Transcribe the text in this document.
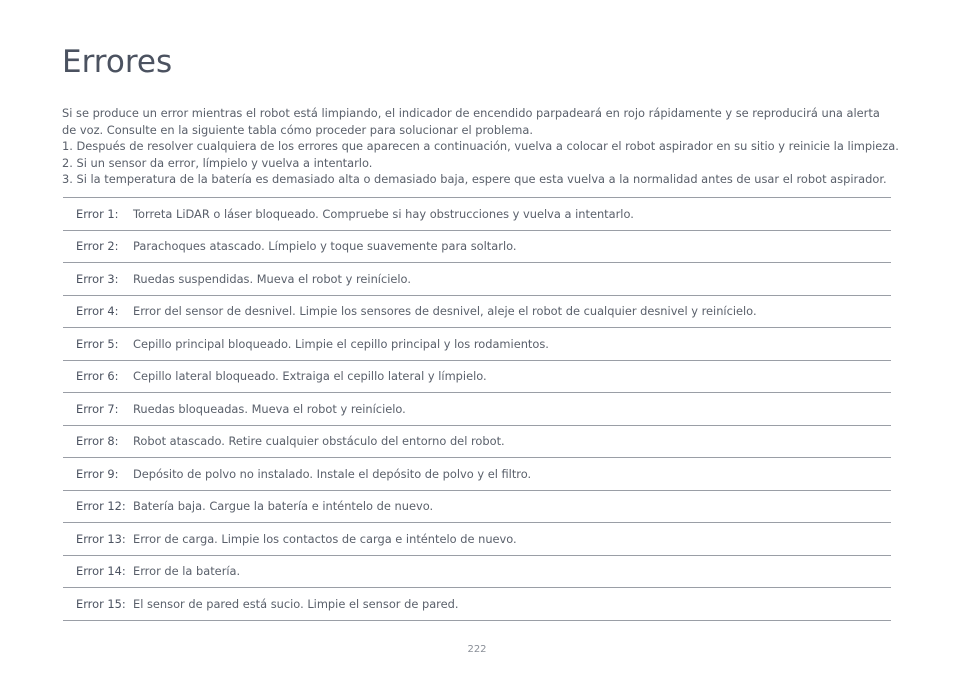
Errores

Si se produce un error mientras el robot está limpiando, el indicador de encendido parpadeará en rojo rápidamente y se reproducirá una alerta

de voz. Consulte en la siguiente tabla cómo proceder para solucionar el problema.

1. Después de resolver cualquiera de los errores que aparecen a continuación, vuelva a colocar el robot aspirador en su sitio y reinicie la limpieza.

2. Si un sensor da error, límpielo y vuelva a intentarlo.

3. Si la temperatura de la batería es demasiado alta o demasiado baja, espere que esta vuelva a la normalidad antes de usar el robot aspirador.

Error 1:	Torreta LiDAR o láser bloqueado. Compruebe si hay obstrucciones y vuelva a intentarlo.
Error 2:	Parachoques atascado. Límpielo y toque suavemente para soltarlo.
Error 3:	Ruedas suspendidas. Mueva el robot y reinícielo.
Error 4:	Error del sensor de desnivel. Limpie los sensores de desnivel, aleje el robot de cualquier desnivel y reinícielo.
Error 5:	Cepillo principal bloqueado. Limpie el cepillo principal y los rodamientos.
Error 6:	Cepillo lateral bloqueado. Extraiga el cepillo lateral y límpielo.
Error 7:	Ruedas bloqueadas. Mueva el robot y reinícielo.
Error 8:	Robot atascado. Retire cualquier obstáculo del entorno del robot.
Error 9:	Depósito de polvo no instalado. Instale el depósito de polvo y el filtro.
Error 12: Batería baja. Cargue la batería e inténtelo de nuevo.
Error 13: Error de carga. Limpie los contactos de carga e inténtelo de nuevo.
Error 14: Error de la batería.
Error 15: El sensor de pared está sucio. Limpie el sensor de pared.
222
